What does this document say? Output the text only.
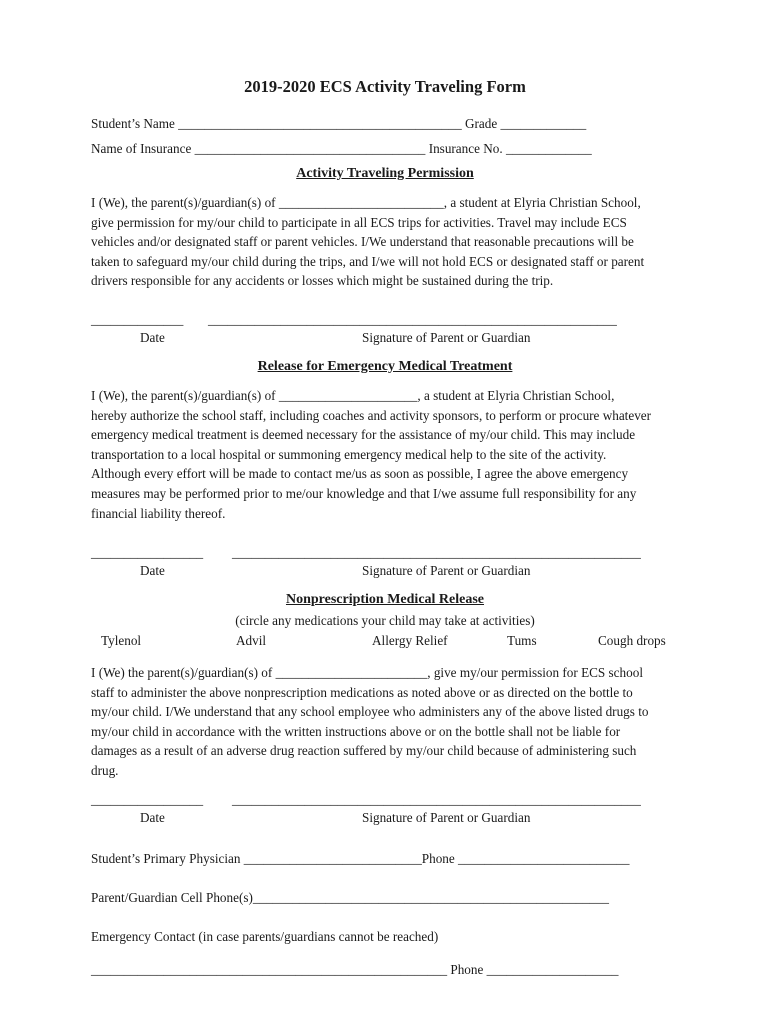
2019-2020 ECS Activity Traveling Form
Student’s Name ___________________________________________ Grade _____________
Name of Insurance ___________________________________ Insurance No. _____________
Activity Traveling Permission
I (We), the parent(s)/guardian(s) of _________________________, a student at Elyria Christian School,
give permission for my/our child to participate in all ECS trips for activities. Travel may include ECS
vehicles and/or designated staff or parent vehicles. I/We understand that reasonable precautions will be
taken to safeguard my/our child during the trips, and I/we will not hold ECS or designated staff or parent
drivers responsible for any accidents or losses which might be sustained during the trip.
______________ ______________________________________________________________
Date	Signature of Parent or Guardian
Release for Emergency Medical Treatment
I (We), the parent(s)/guardian(s) of _____________________, a student at Elyria Christian School,
hereby authorize the school staff, including coaches and activity sponsors, to perform or procure whatever
emergency medical treatment is deemed necessary for the assistance of my/our child. This may include
transportation to a local hospital or summoning emergency medical help to the site of the activity.
Although every effort will be made to contact me/us as soon as possible, I agree the above emergency
measures may be performed prior to me/our knowledge and that I/we assume full responsibility for any
financial liability thereof.
_________________ ______________________________________________________________
Date	Signature of Parent or Guardian
Nonprescription Medical Release
(circle any medications your child may take at activities)
Tylenol	Advil	Allergy Relief	Tums	Cough drops
I (We) the parent(s)/guardian(s) of _______________________, give my/our permission for ECS school
staff to administer the above nonprescription medications as noted above or as directed on the bottle to
my/our child. I/We understand that any school employee who administers any of the above listed drugs to
my/our child in accordance with the written instructions above or on the bottle shall not be liable for
damages as a result of an adverse drug reaction suffered by my/our child because of administering such
drug.
_________________ ______________________________________________________________
Date	Signature of Parent or Guardian
Student’s Primary Physician ___________________________Phone __________________________
Parent/Guardian Cell Phone(s)______________________________________________________
Emergency Contact (in case parents/guardians cannot be reached)
______________________________________________________ Phone ____________________
